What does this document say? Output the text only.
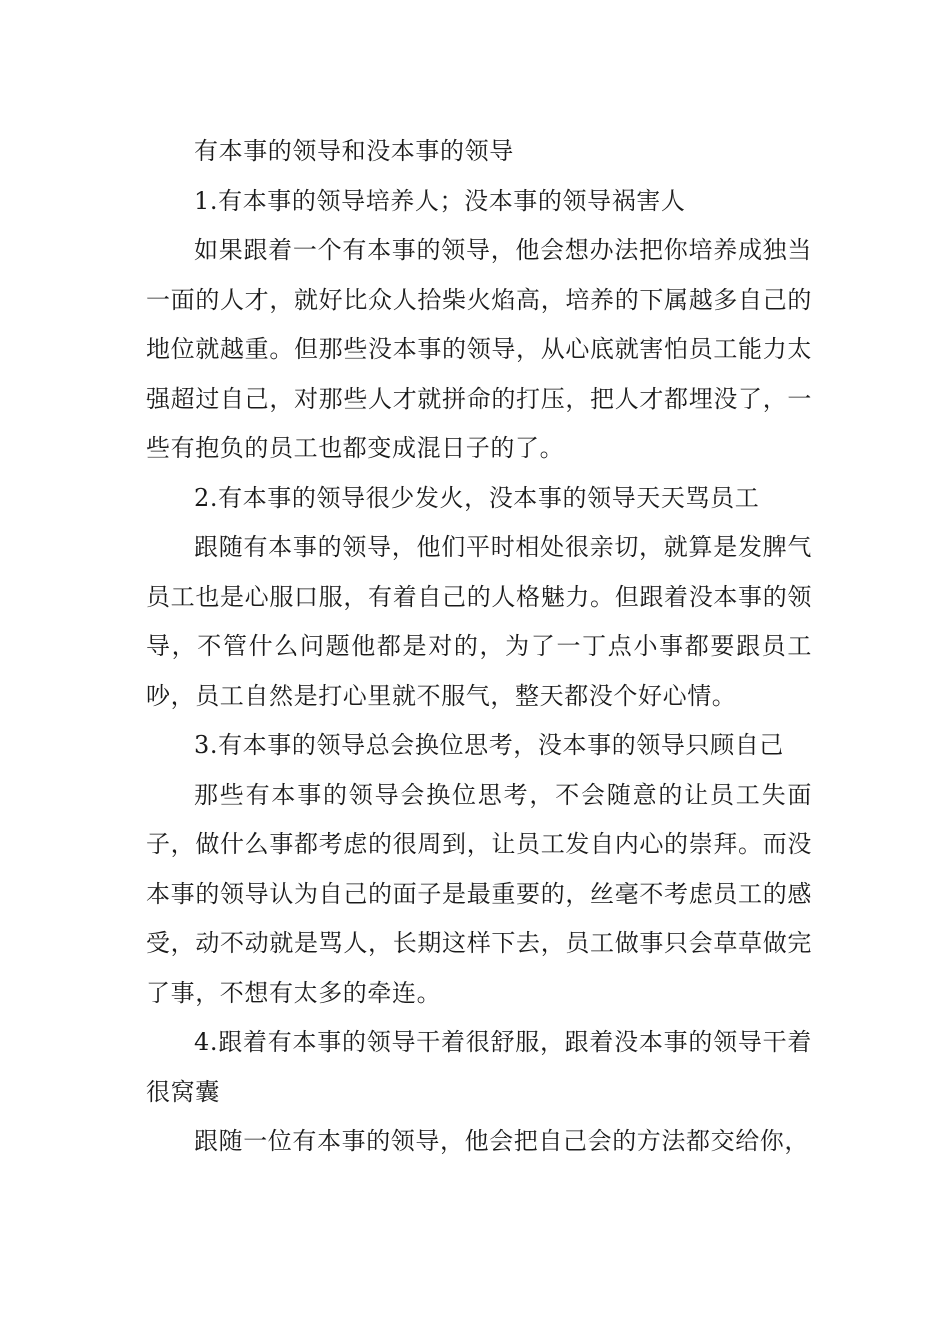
有本事的领导和没本事的领导

1.有本事的领导培养人；没本事的领导祸害人

如果跟着一个有本事的领导，他会想办法把你培养成独当一面的人才，就好比众人拾柴火焰高，培养的下属越多自己的地位就越重。但那些没本事的领导，从心底就害怕员工能力太强超过自己，对那些人才就拼命的打压，把人才都埋没了，一些有抱负的员工也都变成混日子的了。

2.有本事的领导很少发火，没本事的领导天天骂员工

跟随有本事的领导，他们平时相处很亲切，就算是发脾气员工也是心服口服，有着自己的人格魅力。但跟着没本事的领导，不管什么问题他都是对的，为了一丁点小事都要跟员工吵，员工自然是打心里就不服气，整天都没个好心情。

3.有本事的领导总会换位思考，没本事的领导只顾自己

那些有本事的领导会换位思考，不会随意的让员工失面子，做什么事都考虑的很周到，让员工发自内心的崇拜。而没本事的领导认为自己的面子是最重要的，丝毫不考虑员工的感受，动不动就是骂人，长期这样下去，员工做事只会草草做完了事，不想有太多的牵连。

4.跟着有本事的领导干着很舒服，跟着没本事的领导干着很窝囊

跟随一位有本事的领导，他会把自己会的方法都交给你，
